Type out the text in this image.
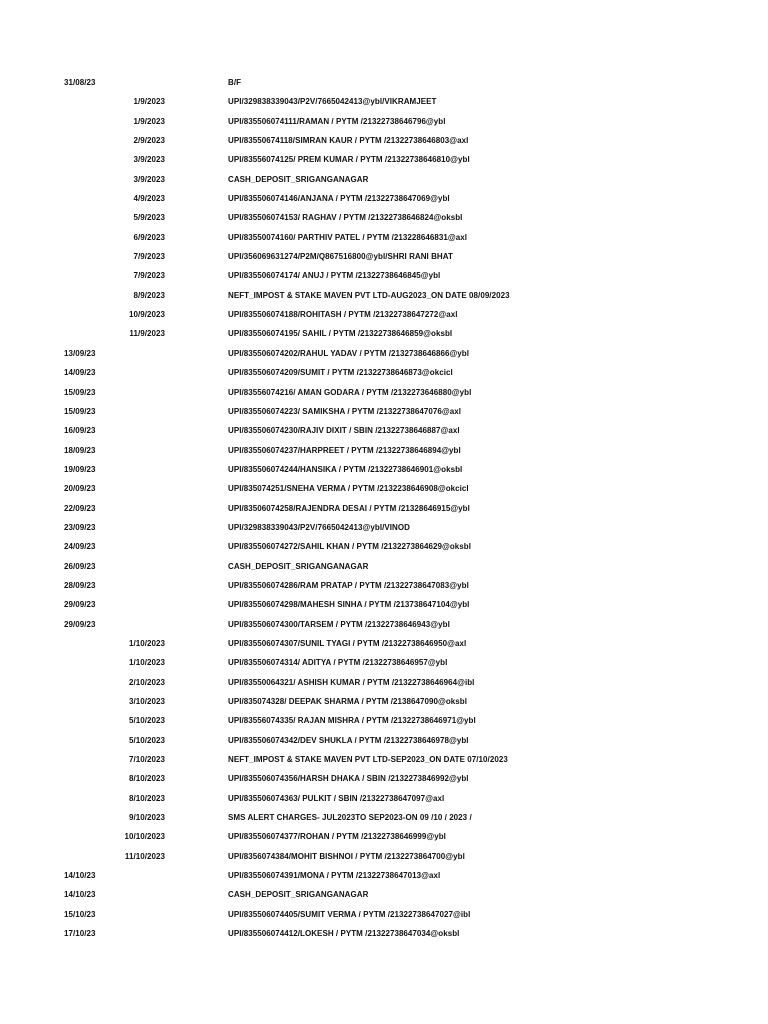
31/08/23	B/F
1/9/2023	UPI/329838339043/P2V/7665042413@ybl/VIKRAMJEET
1/9/2023	UPI/835506074111/RAMAN / PYTM /21322738646796@ybl
2/9/2023	UPI/83550674118/SIMRAN KAUR / PYTM /21322738646803@axl
3/9/2023	UPI/83556074125/ PREM KUMAR / PYTM /21322738646810@ybl
3/9/2023	CASH_DEPOSIT_SRIGANGANAGAR
4/9/2023	UPI/835506074146/ANJANA / PYTM /21322738647069@ybl
5/9/2023	UPI/835506074153/ RAGHAV / PYTM /21322738646824@oksbl
6/9/2023	UPI/83550074160/ PARTHIV PATEL / PYTM /213228646831@axl
7/9/2023	UPI/356069631274/P2M/Q867516800@ybl/SHRI RANI BHAT
7/9/2023	UPI/835506074174/ ANUJ / PYTM /21322738646845@ybl
8/9/2023	NEFT_IMPOST & STAKE MAVEN PVT LTD-AUG2023_ON DATE 08/09/2023
10/9/2023	UPI/835506074188/ROHITASH / PYTM /21322738647272@axl
11/9/2023	UPI/835506074195/ SAHIL / PYTM /21322738646859@oksbl
13/09/23	UPI/835506074202/RAHUL YADAV / PYTM /2132738646866@ybl
14/09/23	UPI/835506074209/SUMIT / PYTM /21322738646873@okcicl
15/09/23	UPI/83556074216/ AMAN GODARA / PYTM /2132273646880@ybl
15/09/23	UPI/835506074223/ SAMIKSHA / PYTM /21322738647076@axl
16/09/23	UPI/835506074230/RAJIV DIXIT / SBIN /21322738646887@axl
18/09/23	UPI/835506074237/HARPREET / PYTM /21322738646894@ybl
19/09/23	UPI/835506074244/HANSIKA / PYTM /21322738646901@oksbl
20/09/23	UPI/835074251/SNEHA VERMA / PYTM /2132238646908@okcicl
22/09/23	UPI/83506074258/RAJENDRA DESAI / PYTM /21328646915@ybl
23/09/23	UPI/329838339043/P2V/7665042413@ybl/VINOD
24/09/23	UPI/835506074272/SAHIL KHAN / PYTM /2132273864629@oksbl
26/09/23	CASH_DEPOSIT_SRIGANGANAGAR
28/09/23	UPI/835506074286/RAM PRATAP / PYTM /21322738647083@ybl
29/09/23	UPI/835506074298/MAHESH SINHA / PYTM /213738647104@ybl
29/09/23	UPI/835506074300/TARSEM / PYTM /21322738646943@ybl
1/10/2023	UPI/835506074307/SUNIL TYAGI / PYTM /21322738646950@axl
1/10/2023	UPI/835506074314/ ADITYA / PYTM /21322738646957@ybl
2/10/2023	UPI/83550064321/ ASHISH KUMAR / PYTM /21322738646964@ibl
3/10/2023	UPI/835074328/ DEEPAK SHARMA / PYTM /2138647090@oksbl
5/10/2023	UPI/83556074335/ RAJAN MISHRA / PYTM /21322738646971@ybl
5/10/2023	UPI/835506074342/DEV SHUKLA / PYTM /21322738646978@ybl
7/10/2023	NEFT_IMPOST & STAKE MAVEN PVT LTD-SEP2023_ON DATE 07/10/2023
8/10/2023	UPI/835506074356/HARSH DHAKA / SBIN /2132273846992@ybl
8/10/2023	UPI/835506074363/ PULKIT / SBIN /21322738647097@axl
9/10/2023	SMS ALERT CHARGES- JUL2023TO SEP2023-ON 09 /10 / 2023 /
10/10/2023	UPI/835506074377/ROHAN / PYTM /21322738646999@ybl
11/10/2023	UPI/8356074384/MOHIT BISHNOI / PYTM /2132273864700@ybl
14/10/23	UPI/835506074391/MONA / PYTM /21322738647013@axl
14/10/23	CASH_DEPOSIT_SRIGANGANAGAR
15/10/23	UPI/835506074405/SUMIT VERMA / PYTM /21322738647027@ibl
17/10/23	UPI/835506074412/LOKESH / PYTM /21322738647034@oksbl
